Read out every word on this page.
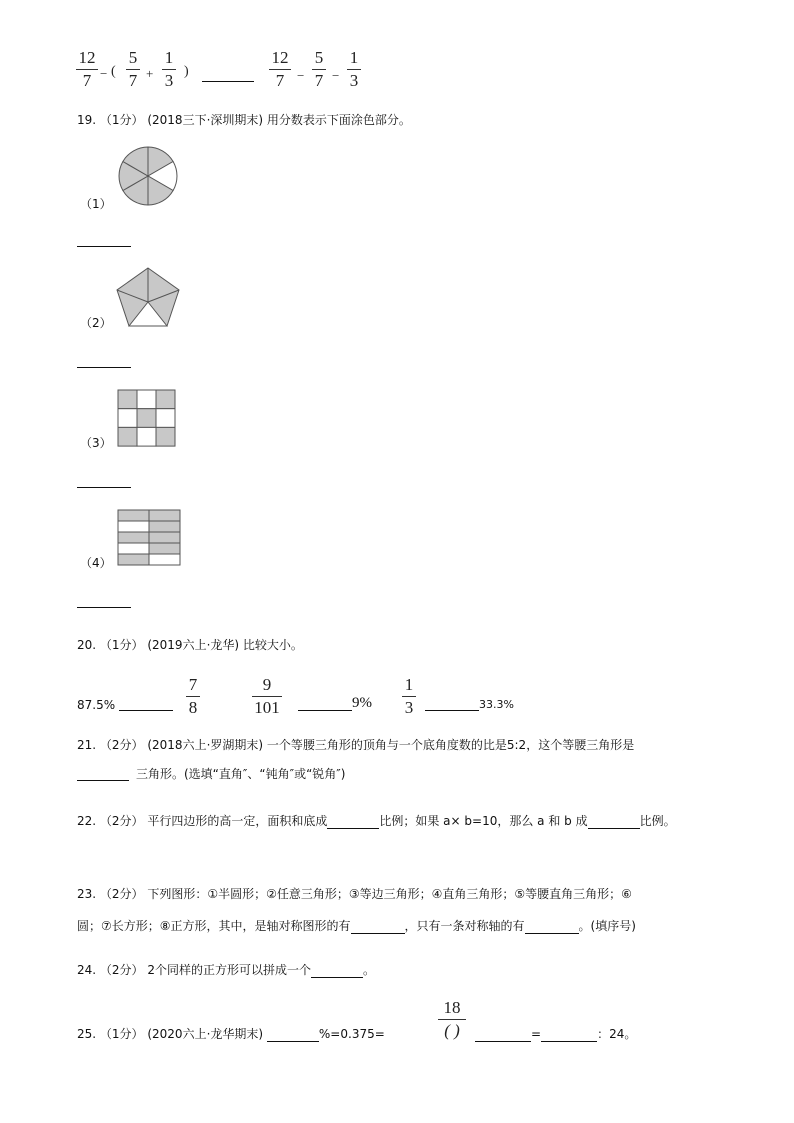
12
7 − (
5
7 +
1
3 )
12
7 −
5
7 −
1
3
19. （1分） (2018三下·深圳期末) 用分数表示下面涂色部分。
（1）
（2）
（3）
（4）
20. （1分） (2019六上·龙华) 比较大小。
87.5%
7
8
9
101	9%
1
3	33.3%
21. （2分） (2018六上·罗湖期末) 一个等腰三角形的顶角与一个底角度数的比是5:2，这个等腰三角形是
三角形。(选填“直角″、“钝角″或“锐角″)
22. （2分） 平行四边形的高一定，面积和底成	比例；如果 a× b=10，那么 a 和 b 成	比例。
23. （2分） 下列图形：①半圆形；②任意三角形；③等边三角形；④直角三角形；⑤等腰直角三角形；⑥
圆；⑦长方形；⑧正方形，其中，是轴对称图形的有	，只有一条对称轴的有	。(填序号)
24. （2分） 2个同样的正方形可以拼成一个	。
25. （1分） (2020六上·龙华期末)	%=0.375=
18
( )	=	：24。
